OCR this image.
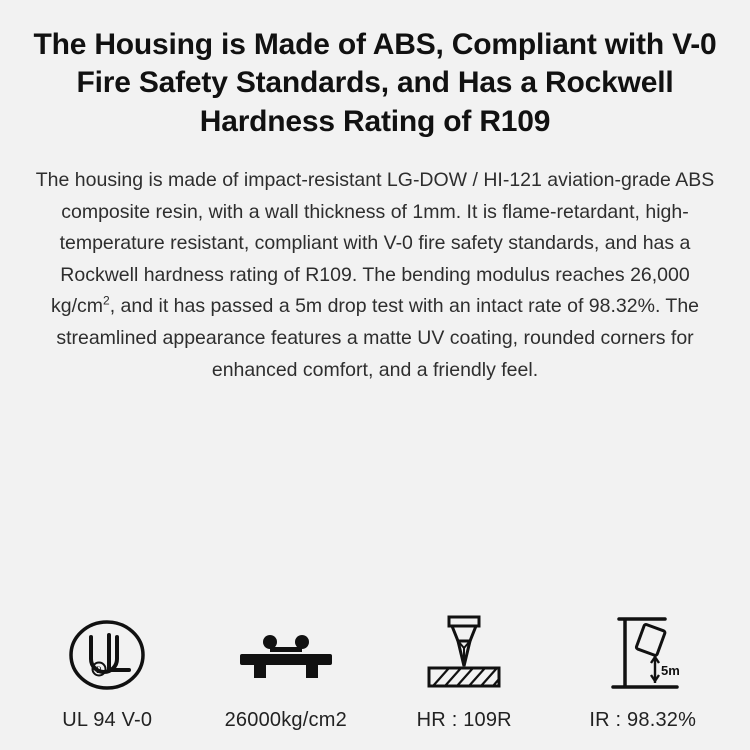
The Housing is Made of ABS, Compliant with V-0 Fire Safety Standards, and Has a Rockwell Hardness Rating of R109

The housing is made of impact-resistant LG-DOW / HI-121 aviation-grade ABS composite resin, with a wall thickness of 1mm. It is flame-retardant, high-temperature resistant, compliant with V-0 fire safety standards, and has a Rockwell hardness rating of R109. The bending modulus reaches 26,000 $kg/cm^2$, and it has passed a 5m drop test with an intact rate of 98.32%. The streamlined appearance features a matte UV coating, rounded corners for enhanced comfort, and a friendly feel.

R
UL 94 V-0	26000kg/cm2	HR : 109R
5m
IR : 98.32%
